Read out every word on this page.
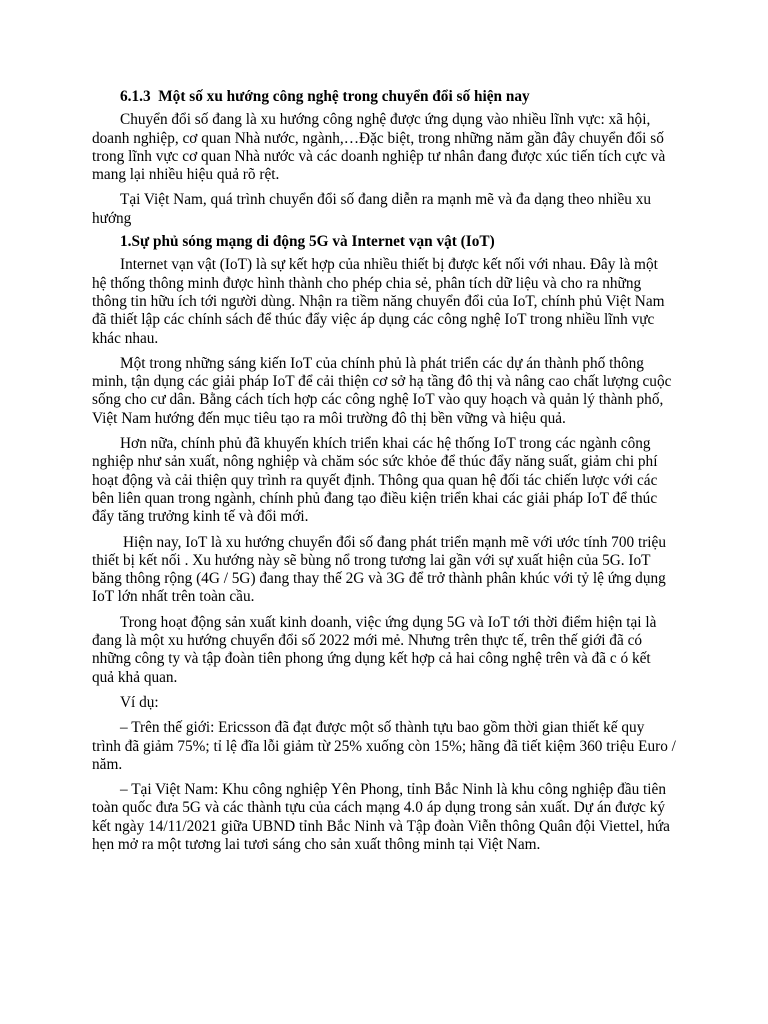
6.1.3  Một số xu hướng công nghệ trong chuyển đổi số hiện nay

Chuyển đổi số đang là xu hướng công nghệ được ứng dụng vào nhiều lĩnh vực: xã hội, doanh nghiệp, cơ quan Nhà nước, ngành,…Đặc biệt, trong những năm gần đây chuyển đổi số trong lĩnh vực cơ quan Nhà nước và các doanh nghiệp tư nhân đang được xúc tiến tích cực và mang lại nhiều hiệu quả rõ rệt.

Tại Việt Nam, quá trình chuyển đổi số đang diễn ra mạnh mẽ và đa dạng theo nhiều xu hướng

1.Sự phủ sóng mạng di động 5G và Internet vạn vật (IoT)

Internet vạn vật (IoT) là sự kết hợp của nhiều thiết bị được kết nối với nhau. Đây là một hệ thống thông minh được hình thành cho phép chia sẻ, phân tích dữ liệu và cho ra những thông tin hữu ích tới người dùng. Nhận ra tiềm năng chuyển đổi của IoT, chính phủ Việt Nam đã thiết lập các chính sách để thúc đẩy việc áp dụng các công nghệ IoT trong nhiều lĩnh vực khác nhau.

Một trong những sáng kiến IoT của chính phủ là phát triển các dự án thành phố thông minh, tận dụng các giải pháp IoT để cải thiện cơ sở hạ tầng đô thị và nâng cao chất lượng cuộc sống cho cư dân. Bằng cách tích hợp các công nghệ IoT vào quy hoạch và quản lý thành phố, Việt Nam hướng đến mục tiêu tạo ra môi trường đô thị bền vững và hiệu quả.

Hơn nữa, chính phủ đã khuyến khích triển khai các hệ thống IoT trong các ngành công nghiệp như sản xuất, nông nghiệp và chăm sóc sức khỏe để thúc đẩy năng suất, giảm chi phí hoạt động và cải thiện quy trình ra quyết định. Thông qua quan hệ đối tác chiến lược với các bên liên quan trong ngành, chính phủ đang tạo điều kiện triển khai các giải pháp IoT để thúc đẩy tăng trưởng kinh tế và đổi mới.

Hiện nay, IoT là xu hướng chuyển đổi số đang phát triển mạnh mẽ với ước tính 700 triệu thiết bị kết nối . Xu hướng này sẽ bùng nổ trong tương lai gần với sự xuất hiện của 5G. IoT băng thông rộng (4G / 5G) đang thay thế 2G và 3G để trở thành phân khúc với tỷ lệ ứng dụng IoT lớn nhất trên toàn cầu.

Trong hoạt động sản xuất kinh doanh, việc ứng dụng 5G và IoT tới thời điểm hiện tại là đang là một xu hướng chuyển đổi số 2022 mới mẻ. Nhưng trên thực tế, trên thế giới đã có những công ty và tập đoàn tiên phong ứng dụng kết hợp cả hai công nghệ trên và đã c ó kết quả khả quan.

Ví dụ:

– Trên thế giới: Ericsson đã đạt được một số thành tựu bao gồm thời gian thiết kế quy trình đã giảm 75%; tỉ lệ đĩa lỗi giảm từ 25% xuống còn 15%; hãng đã tiết kiệm 360 triệu Euro / năm.

– Tại Việt Nam: Khu công nghiệp Yên Phong, tỉnh Bắc Ninh là khu công nghiệp đầu tiên toàn quốc đưa 5G và các thành tựu của cách mạng 4.0 áp dụng trong sản xuất. Dự án được ký kết ngày 14/11/2021 giữa UBND tỉnh Bắc Ninh và Tập đoàn Viễn thông Quân đội Viettel, hứa hẹn mở ra một tương lai tươi sáng cho sản xuất thông minh tại Việt Nam.
